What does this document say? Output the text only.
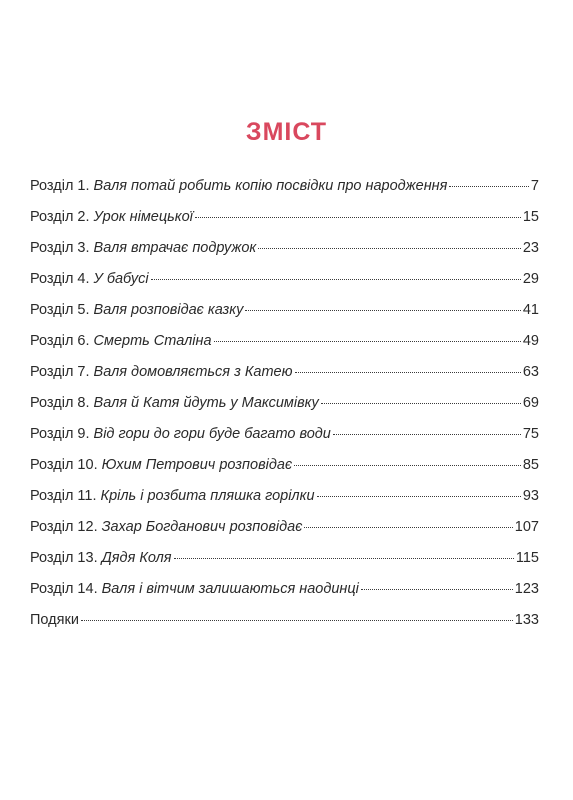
ЗМІСТ
Розділ 1. Валя потай робить копію посвідки про народження	7
Розділ 2. Урок німецької	15
Розділ 3. Валя втрачає подружок	23
Розділ 4. У бабусі	29
Розділ 5. Валя розповідає казку	41
Розділ 6. Смерть Сталіна	49
Розділ 7. Валя домовляється з Катею	63
Розділ 8. Валя й Катя йдуть у Максимівку	69
Розділ 9. Від гори до гори буде багато води	75
Розділ 10. Юхим Петрович розповідає	85
Розділ 11. Кріль і розбита пляшка горілки	93
Розділ 12. Захар Богданович розповідає	107
Розділ 13. Дядя Коля	115
Розділ 14. Валя і вітчим залишаються наодинці	123
Подяки	133
